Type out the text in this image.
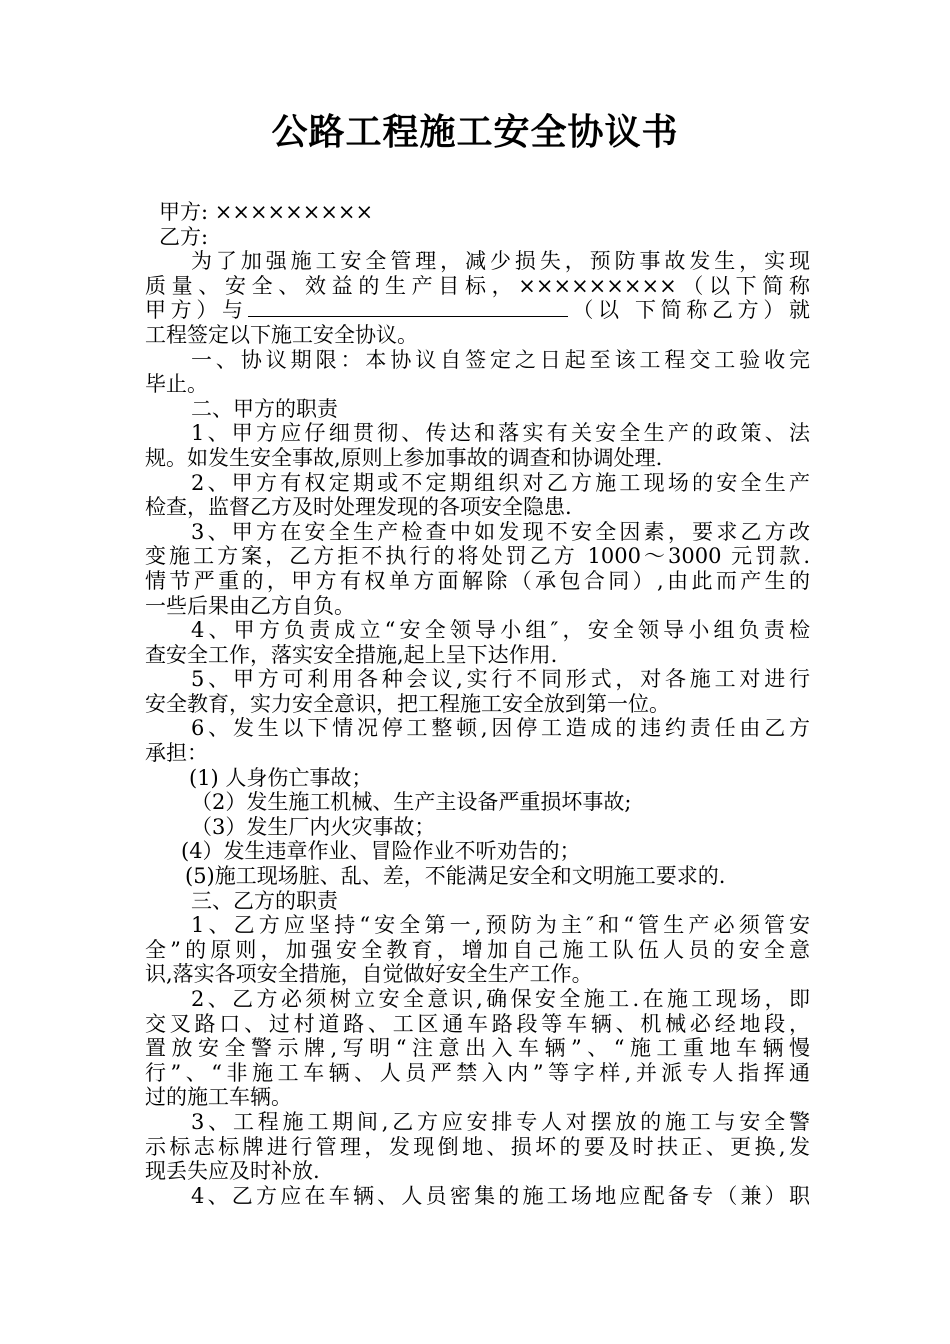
公路工程施工安全协议书
甲方: ×××××××××
乙方:
为了加强施工安全管理，减少损失，预防事故发生，实现
质量、安全、效益的生产目标，×××××××××（以下简称
甲方）与	（以 下简称乙方）就
工程签定以下施工安全协议。
一、协议期限：本协议自签定之日起至该工程交工验收完
毕止。
二、甲方的职责
1、甲方应仔细贯彻、传达和落实有关安全生产的政策、法
规。如发生安全事故,原则上参加事故的调查和协调处理.
2、甲方有权定期或不定期组织对乙方施工现场的安全生产
检查，监督乙方及时处理发现的各项安全隐患.
3、甲方在安全生产检查中如发现不安全因素，要求乙方改
变施工方案，乙方拒不执行的将处罚乙方 1000～3000 元罚款.
情节严重的，甲方有权单方面解除（承包合同）,由此而产生的
一些后果由乙方自负。
4、甲方负责成立“安全领导小组″，安全领导小组负责检
查安全工作，落实安全措施,起上呈下达作用.
5、甲方可利用各种会议,实行不同形式，对各施工对进行
安全教育，实力安全意识，把工程施工安全放到第一位。
6、发生以下情况停工整顿,因停工造成的违约责任由乙方
承担：
(1) 人身伤亡事故；
（2）发生施工机械、生产主设备严重损坏事故;
（3）发生厂内火灾事故；
(4）发生违章作业、冒险作业不听劝告的；
(5)施工现场脏、乱、差，不能满足安全和文明施工要求的.
三、乙方的职责
1、乙方应坚持“安全第一,预防为主″和“管生产必须管安
全”的原则，加强安全教育，增加自己施工队伍人员的安全意
识,落实各项安全措施，自觉做好安全生产工作。
2、乙方必须树立安全意识,确保安全施工.在施工现场，即
交叉路口、过村道路、工区通车路段等车辆、机械必经地段，
置放安全警示牌,写明“注意出入车辆”、“施工重地车辆慢
行”、“非施工车辆、人员严禁入内”等字样,并派专人指挥通
过的施工车辆。
3、工程施工期间,乙方应安排专人对摆放的施工与安全警
示标志标牌进行管理，发现倒地、损坏的要及时扶正、更换,发
现丢失应及时补放.
4、乙方应在车辆、人员密集的施工场地应配备专（兼）职
